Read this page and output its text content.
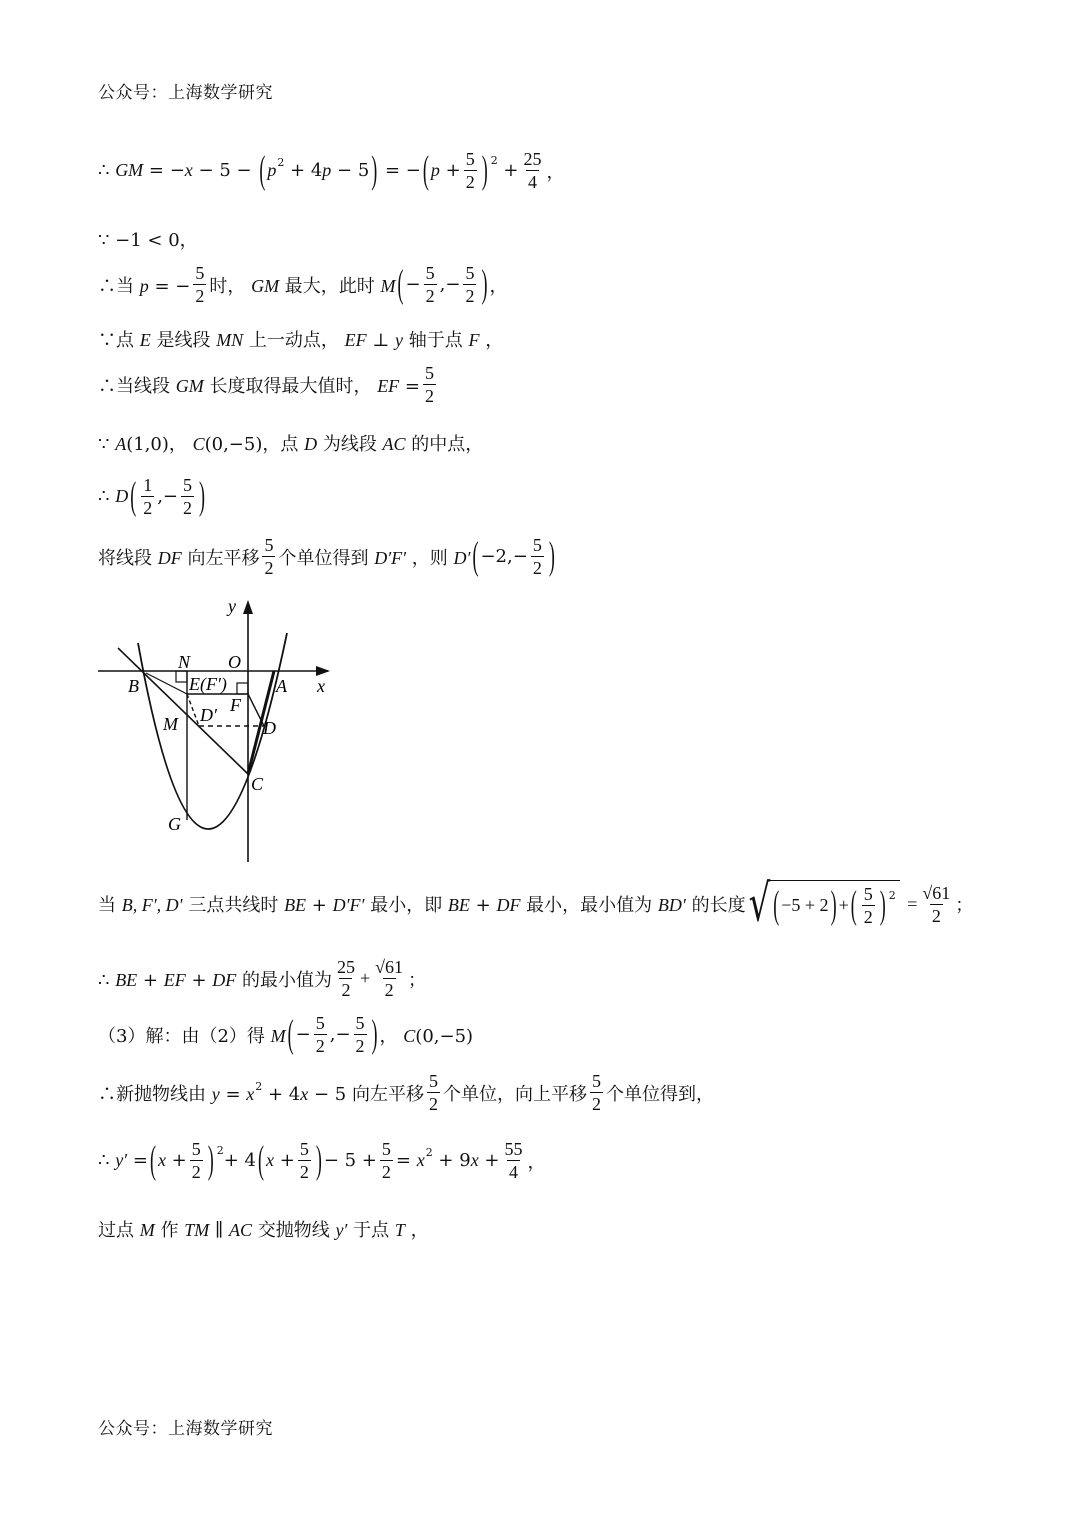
公众号：上海数学研究
∴ GM = −x − 5 − ( $p^2 + 4p - 5$ ) = − ( $p + \frac{5}{2}$ ) $2 + \frac{25}{4}$ ，
∵ −1 < 0，
∴当 p = − $\frac{5}{2}$ 时， GM 最大，此时 M ( − $\frac{5}{2}$ ,− $\frac{5}{2}$ ) ，
∵点 E 是线段 MN 上一动点， EF ⊥ y 轴于点 F ，
∴当线段 GM 长度取得最大值时， EF = $\frac{5}{2}$
∵ A(1,0)， C(0,−5)，点 D 为线段 AC 的中点，
∴ D ( $\frac{1}{2}$ ,− $\frac{5}{2}$ )
将线段 DF 向左平移 $\frac{5}{2}$ 个单位得到 D′F′ ，则 D′ ( $-2,- \frac{5}{2}$ )
y
x
O
N
B	A
E(F′)
F
D′
M	D
C
G
当 B, F′, D′ 三点共线时 BE + D′F′ 最小，即 BE + DF 最小，最小值为 BD′ 的长度 √ ( −5 + 2 ) + ( $\frac{5}{2}$ ) $2 = \frac{√61}{2}$ ；
∴ BE + EF + DF 的最小值为 $\frac{25}{2} + \frac{√61}{2}$ ；
（3）解：由（2）得 M ( − $\frac{5}{2}$ ,− $\frac{5}{2}$ ) ， C(0,−5)
∴新抛物线由 $y = x^2 + 4x - 5$ 向左平移 $\frac{5}{2}$ 个单位，向上平移 $\frac{5}{2}$ 个单位得到，
∴ y′ = ( $x + \frac{5}{2}$ ) 2 + 4 ( $x + \frac{5}{2}$ ) − $5 + \frac{5}{2} = x^2 + 9x + \frac{55}{4}$ ，
过点 M 作 TM ∥ AC 交抛物线 y′ 于点 T ，
公众号：上海数学研究
